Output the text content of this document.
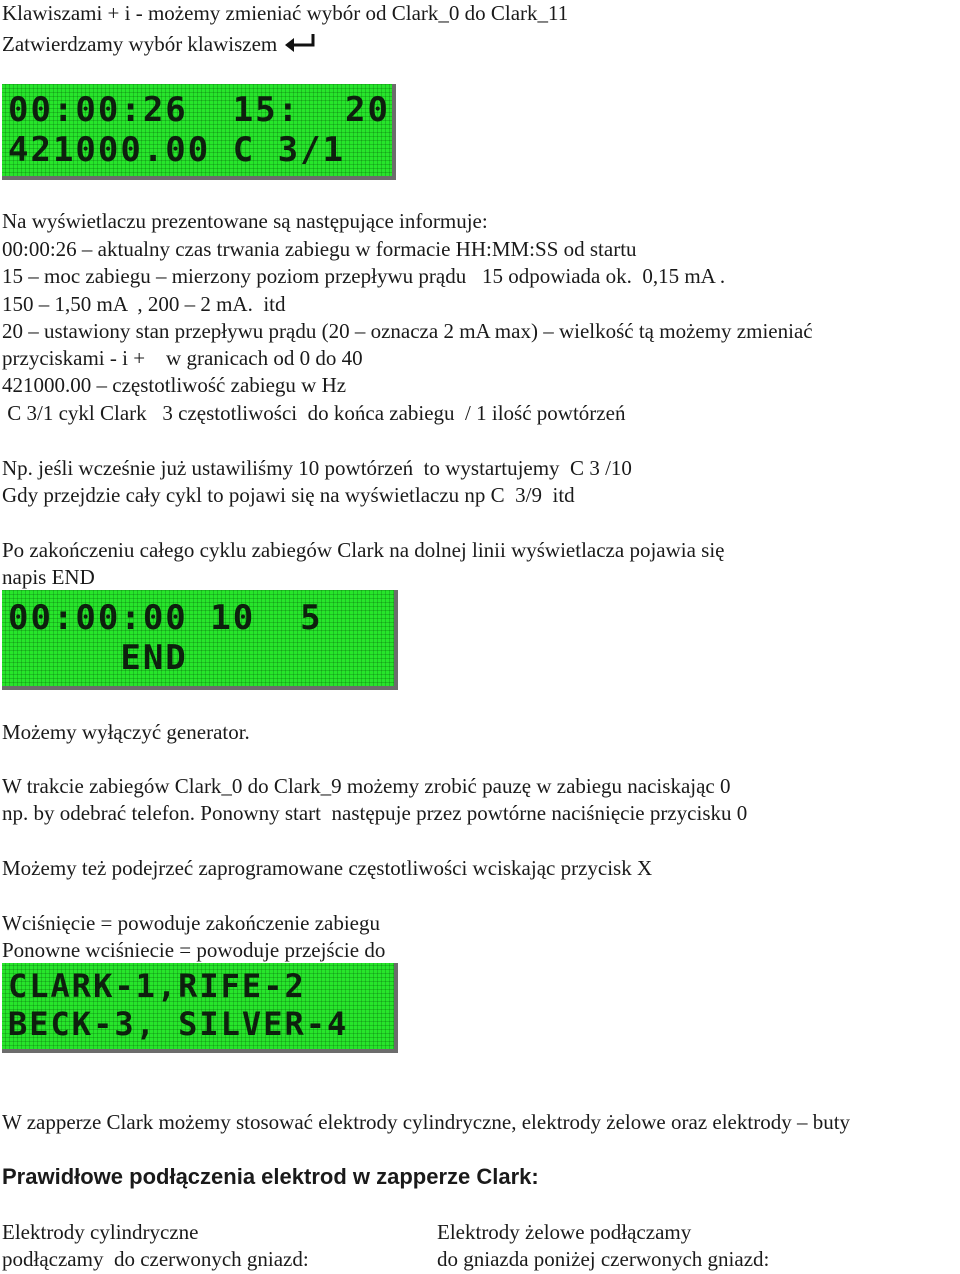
Klawiszami + i - możemy zmieniać wybór od Clark_0 do Clark_11
Zatwierdzamy wybór klawiszem
00:00:26  15:  20
421000.00 C 3/1
Na wyświetlaczu prezentowane są następujące informuje:
00:00:26 – aktualny czas trwania zabiegu w formacie HH:MM:SS od startu
15 – moc zabiegu – mierzony poziom przepływu prądu   15 odpowiada ok.  0,15 mA .
150 – 1,50 mA  , 200 – 2 mA.  itd
20 – ustawiony stan przepływu prądu (20 – oznacza 2 mA max) – wielkość tą możemy zmieniać
przyciskami - i +    w granicach od 0 do 40
421000.00 – częstotliwość zabiegu w Hz
C 3/1 cykl Clark   3 częstotliwości  do końca zabiegu  / 1 ilość powtórzeń
Np. jeśli wcześnie już ustawiliśmy 10 powtórzeń  to wystartujemy  C 3 /10
Gdy przejdzie cały cykl to pojawi się na wyświetlaczu np C  3/9  itd
Po zakończeniu całego cyklu zabiegów Clark na dolnej linii wyświetlacza pojawia się
napis END
00:00:00 10  5
END
Możemy wyłączyć generator.
W trakcie zabiegów Clark_0 do Clark_9 możemy zrobić pauzę w zabiegu naciskając 0
np. by odebrać telefon. Ponowny start  następuje przez powtórne naciśnięcie przycisku 0
Możemy też podejrzeć zaprogramowane częstotliwości wciskając przycisk X
Wciśnięcie = powoduje zakończenie zabiegu
Ponowne wciśniecie = powoduje przejście do
CLARK-1,RIFE-2
BECK-3, SILVER-4
W zapperze Clark możemy stosować elektrody cylindryczne, elektrody żelowe oraz elektrody – buty
Prawidłowe podłączenia elektrod w zapperze Clark:
Elektrody cylindryczne
podłączamy  do czerwonych gniazd:
Elektrody żelowe podłączamy
do gniazda poniżej czerwonych gniazd:
